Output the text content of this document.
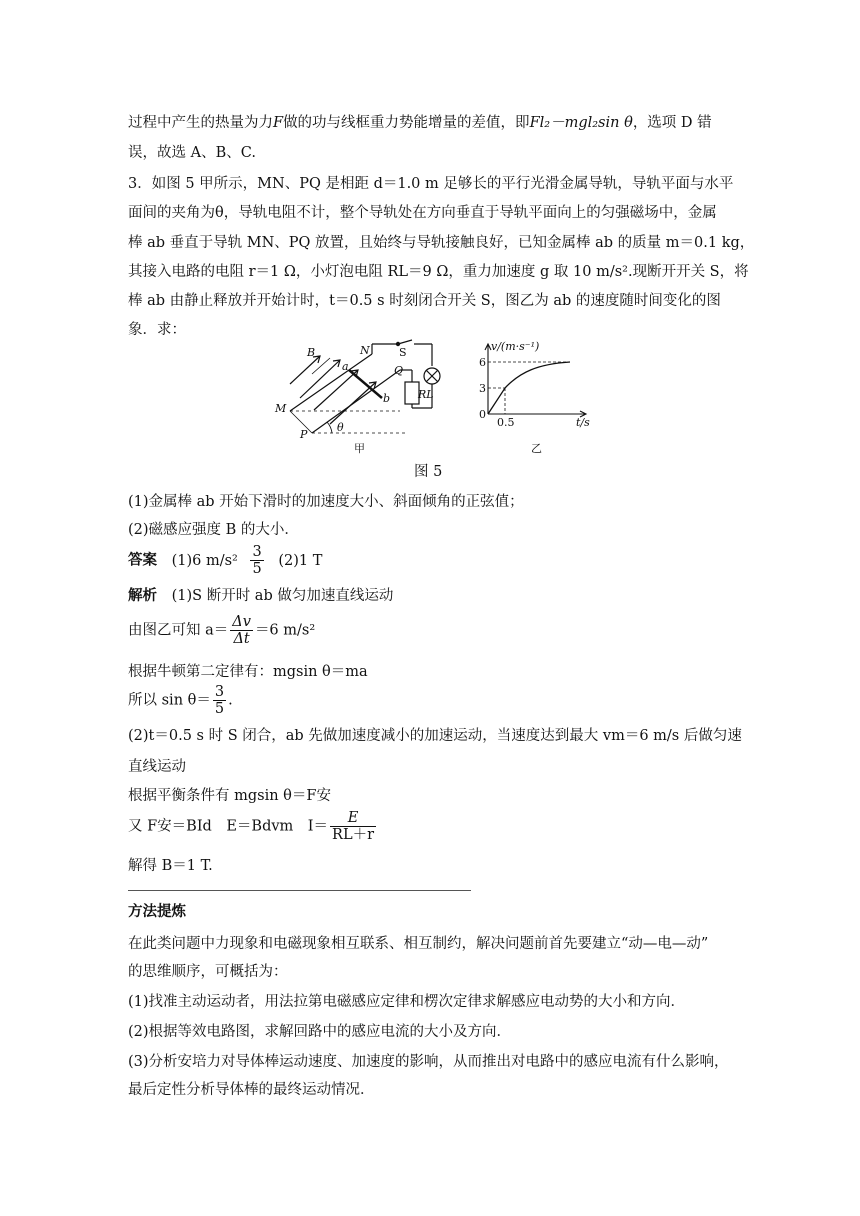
过程中产生的热量为力F做的功与线框重力势能增量的差值，即Fl₂－mgl₂sin θ，选项 D 错
误，故选 A、B、C.
3．如图 5 甲所示，MN、PQ 是相距 d＝1.0 m 足够长的平行光滑金属导轨，导轨平面与水平
面间的夹角为θ，导轨电阻不计，整个导轨处在方向垂直于导轨平面向上的匀强磁场中，金属
棒 ab 垂直于导轨 MN、PQ 放置，且始终与导轨接触良好，已知金属棒 ab 的质量 m＝0.1 kg，
其接入电路的电阻 r＝1 Ω，小灯泡电阻 RL＝9 Ω，重力加速度 g 取 10 m/s².现断开开关 S，将
棒 ab 由静止释放并开始计时，t＝0.5 s 时刻闭合开关 S，图乙为 ab 的速度随时间变化的图
象．求：
B	N	S
a	Q
b	RL
M
P
θ
甲
v/(m·s⁻¹)
6
3
0
0.5	t/s
乙
图 5
(1)金属棒 ab 开始下滑时的加速度大小、斜面倾角的正弦值；
(2)磁感应强度 B 的大小．
答案 (1)6 $m/s^2 \frac{3}{5} (2)1$ T
解析 (1)S 断开时 ab 做匀加速直线运动
由图乙可知 $a= \frac{\Delta v}{\Delta t} =6$ m/s²
根据牛顿第二定律有：mgsin θ＝ma
所以 $\sin \theta= \frac{3}{5}$ .
(2)t＝0.5 s 时 S 闭合，ab 先做加速度减小的加速运动，当速度达到最大 vm＝6 m/s 后做匀速
直线运动
根据平衡条件有 mgsin θ＝F安
又 F安＝BId　E＝Bdvm　$I= \frac{E}{RL+r}$
解得 B＝1 T.
方法提炼
在此类问题中力现象和电磁现象相互联系、相互制约，解决问题前首先要建立“动—电—动”
的思维顺序，可概括为：
(1)找准主动运动者，用法拉第电磁感应定律和楞次定律求解感应电动势的大小和方向．
(2)根据等效电路图，求解回路中的感应电流的大小及方向．
(3)分析安培力对导体棒运动速度、加速度的影响，从而推出对电路中的感应电流有什么影响，
最后定性分析导体棒的最终运动情况．
